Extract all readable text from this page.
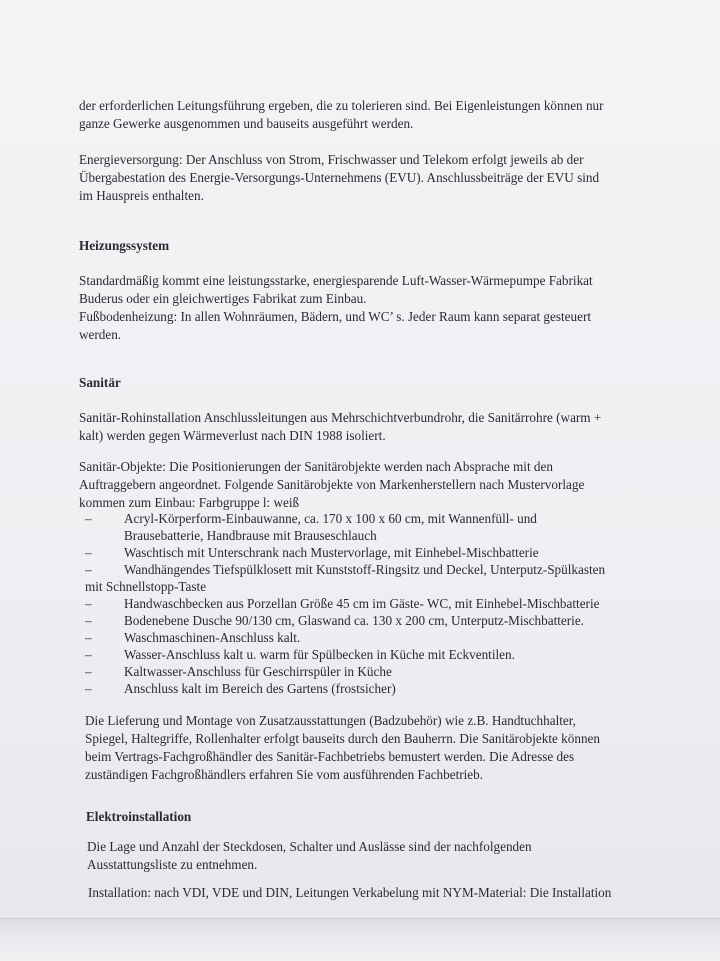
der erforderlichen Leitungsführung ergeben, die zu tolerieren sind. Bei Eigenleistungen können nur

ganze Gewerke ausgenommen und bauseits ausgeführt werden.

Energieversorgung: Der Anschluss von Strom, Frischwasser und Telekom erfolgt jeweils ab der

Übergabestation des Energie-Versorgungs-Unternehmens (EVU). Anschlussbeiträge der EVU sind

im Hauspreis enthalten.

Heizungssystem

Standardmäßig kommt eine leistungsstarke, energiesparende Luft-Wasser-Wärmepumpe Fabrikat

Buderus oder ein gleichwertiges Fabrikat zum Einbau.

Fußbodenheizung: In allen Wohnräumen, Bädern, und WC’ s. Jeder Raum kann separat gesteuert

werden.

Sanitär

Sanitär-Rohinstallation Anschlussleitungen aus Mehrschichtverbundrohr, die Sanitärrohre (warm +

kalt) werden gegen Wärmeverlust nach DIN 1988 isoliert.

Sanitär-Objekte: Die Positionierungen der Sanitärobjekte werden nach Absprache mit den

Auftraggebern angeordnet. Folgende Sanitärobjekte von Markenherstellern nach Mustervorlage

kommen zum Einbau: Farbgruppe l: weiß

–	Acryl-Körperform-Einbauwanne, ca. 170 x 100 x 60 cm, mit Wannenfüll- und
Brausebatterie, Handbrause mit Brauseschlauch
–	Waschtisch mit Unterschrank nach Mustervorlage, mit Einhebel-Mischbatterie
–	Wandhängendes Tiefspülklosett mit Kunststoff-Ringsitz und Deckel, Unterputz-Spülkasten
mit Schnellstopp-Taste
–	Handwaschbecken aus Porzellan Größe 45 cm im Gäste- WC, mit Einhebel-Mischbatterie
–	Bodenebene Dusche 90/130 cm, Glaswand ca. 130 x 200 cm, Unterputz-Mischbatterie.
–	Waschmaschinen-Anschluss kalt.
–	Wasser-Anschluss kalt u. warm für Spülbecken in Küche mit Eckventilen.
–	Kaltwasser-Anschluss für Geschirrspüler in Küche
–	Anschluss kalt im Bereich des Gartens (frostsicher)

Die Lieferung und Montage von Zusatzausstattungen (Badzubehör) wie z.B. Handtuchhalter,

Spiegel, Haltegriffe, Rollenhalter erfolgt bauseits durch den Bauherrn. Die Sanitärobjekte können

beim Vertrags-Fachgroßhändler des Sanitär-Fachbetriebs bemustert werden. Die Adresse des

zuständigen Fachgroßhändlers erfahren Sie vom ausführenden Fachbetrieb.

Elektroinstallation

Die Lage und Anzahl der Steckdosen, Schalter und Auslässe sind der nachfolgenden

Ausstattungsliste zu entnehmen.

Installation: nach VDI, VDE und DIN, Leitungen Verkabelung mit NYM-Material: Die Installation
